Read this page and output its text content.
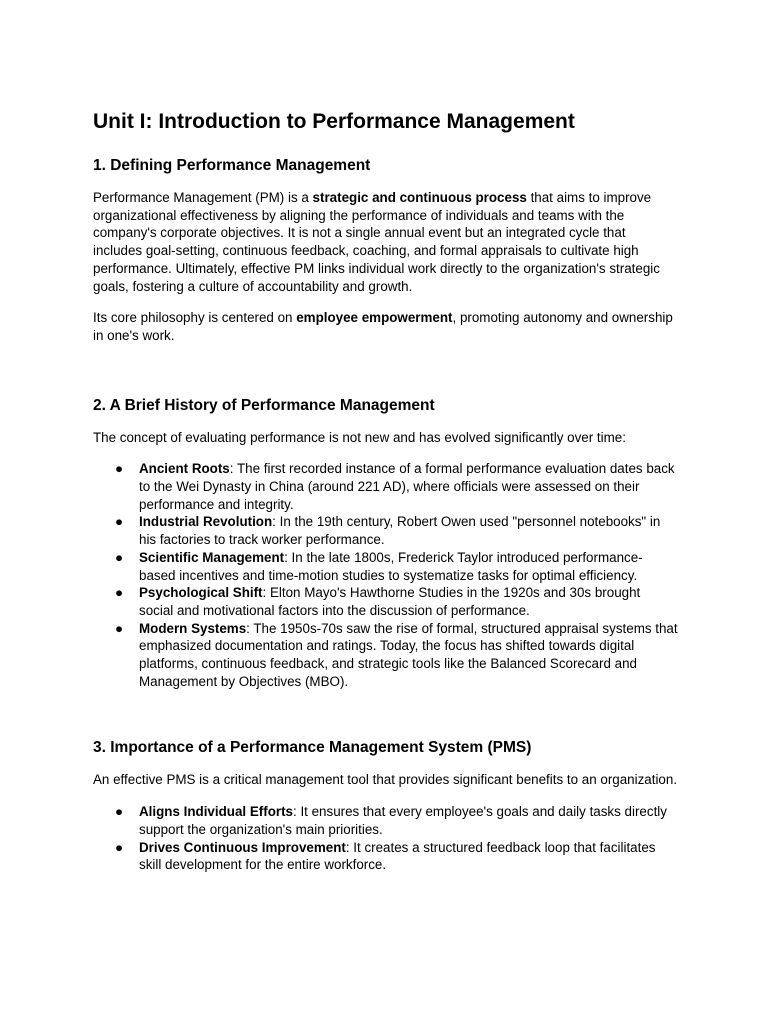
Unit I: Introduction to Performance Management
1. Defining Performance Management

Performance Management (PM) is a strategic and continuous process that aims to improve organizational effectiveness by aligning the performance of individuals and teams with the company's corporate objectives. It is not a single annual event but an integrated cycle that includes goal-setting, continuous feedback, coaching, and formal appraisals to cultivate high performance. Ultimately, effective PM links individual work directly to the organization's strategic goals, fostering a culture of accountability and growth.

Its core philosophy is centered on employee empowerment, promoting autonomy and ownership in one's work.

2. A Brief History of Performance Management

The concept of evaluating performance is not new and has evolved significantly over time:

● Ancient Roots: The first recorded instance of a formal performance evaluation dates back to the Wei Dynasty in China (around 221 AD), where officials were assessed on their performance and integrity.
● Industrial Revolution: In the 19th century, Robert Owen used "personnel notebooks" in his factories to track worker performance.
● Scientific Management: In the late 1800s, Frederick Taylor introduced performance-based incentives and time-motion studies to systematize tasks for optimal efficiency.
● Psychological Shift: Elton Mayo's Hawthorne Studies in the 1920s and 30s brought social and motivational factors into the discussion of performance.
● Modern Systems: The 1950s-70s saw the rise of formal, structured appraisal systems that emphasized documentation and ratings. Today, the focus has shifted towards digital platforms, continuous feedback, and strategic tools like the Balanced Scorecard and Management by Objectives (MBO).
3. Importance of a Performance Management System (PMS)

An effective PMS is a critical management tool that provides significant benefits to an organization.

● Aligns Individual Efforts: It ensures that every employee's goals and daily tasks directly support the organization's main priorities.
● Drives Continuous Improvement: It creates a structured feedback loop that facilitates skill development for the entire workforce.
